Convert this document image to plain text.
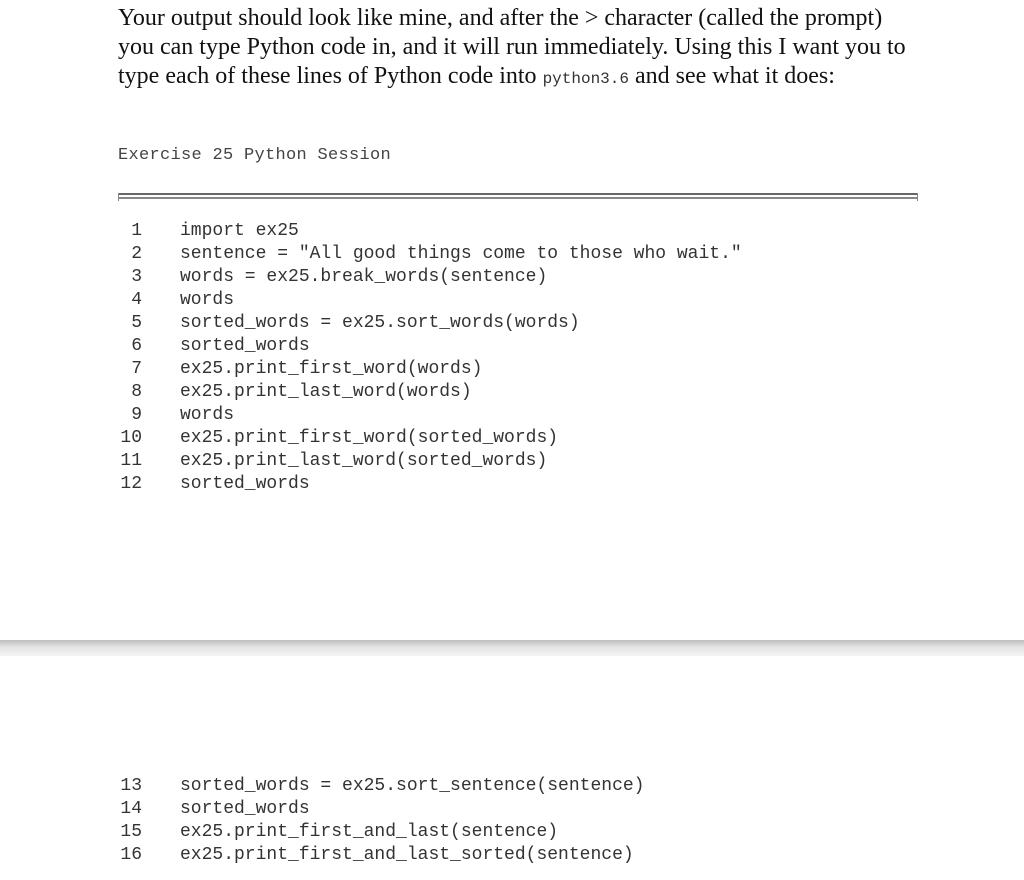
Your output should look like mine, and after the > character (called the prompt) you can type Python code in, and it will run immediately. Using this I want you to type each of these lines of Python code into python3.6 and see what it does:

Exercise 25 Python Session
1 import ex25
2 sentence = "All good things come to those who wait."
3 words = ex25.break_words(sentence)
4 words
5 sorted_words = ex25.sort_words(words)
6 sorted_words
7 ex25.print_first_word(words)
8 ex25.print_last_word(words)
9 words
10 ex25.print_first_word(sorted_words)
11 ex25.print_last_word(sorted_words)
12 sorted_words
13 sorted_words = ex25.sort_sentence(sentence)
14 sorted_words
15 ex25.print_first_and_last(sentence)
16 ex25.print_first_and_last_sorted(sentence)
